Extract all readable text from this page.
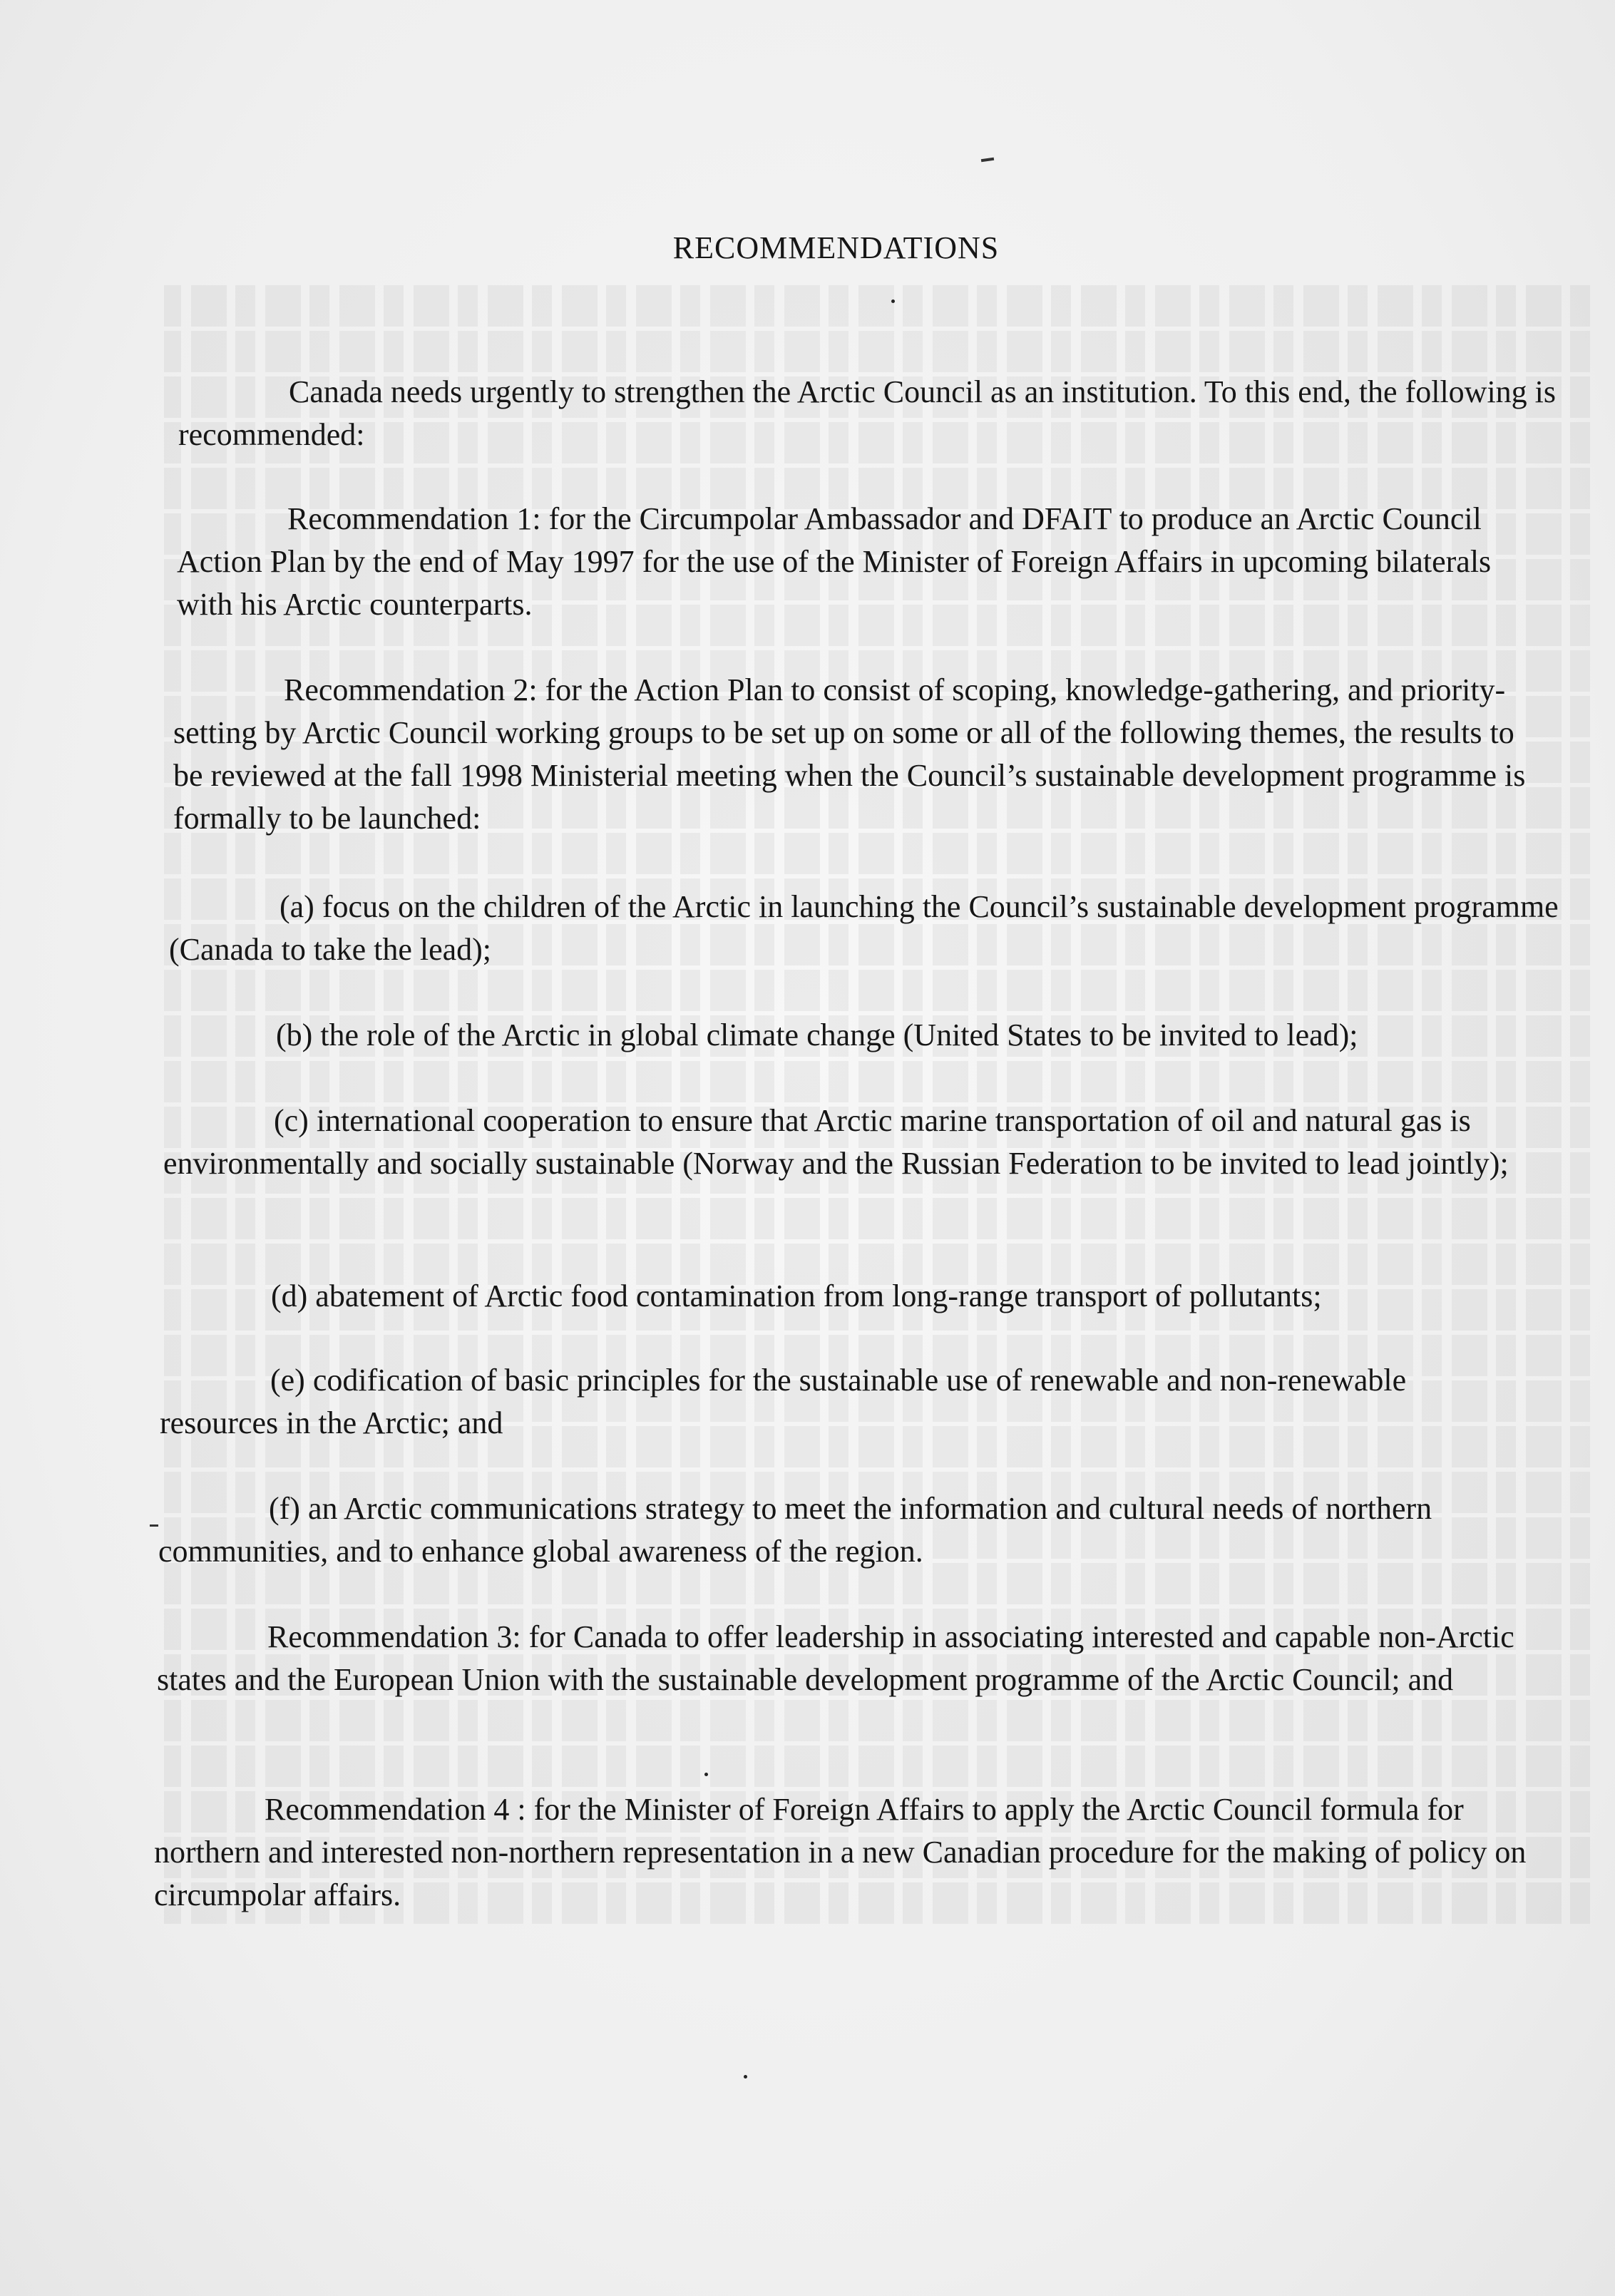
RECOMMENDATIONS

Canada needs urgently to strengthen the Arctic Council as an institution. To this end, the following is recommended:

Recommendation 1: for the Circumpolar Ambassador and DFAIT to produce an Arctic Council Action Plan by the end of May 1997 for the use of the Minister of Foreign Affairs in upcoming bilaterals with his Arctic counterparts.

Recommendation 2: for the Action Plan to consist of scoping, knowledge-gathering, and priority-setting by Arctic Council working groups to be set up on some or all of the following themes, the results to be reviewed at the fall 1998 Ministerial meeting when the Council’s sustainable development programme is formally to be launched:

(a) focus on the children of the Arctic in launching the Council’s sustainable development programme (Canada to take the lead);

(b) the role of the Arctic in global climate change (United States to be invited to lead);

(c) international cooperation to ensure that Arctic marine transportation of oil and natural gas is environmentally and socially sustainable (Norway and the Russian Federation to be invited to lead jointly);

(d) abatement of Arctic food contamination from long-range transport of pollutants;

(e) codification of basic principles for the sustainable use of renewable and non-renewable resources in the Arctic; and

(f) an Arctic communications strategy to meet the information and cultural needs of northern communities, and to enhance global awareness of the region.

Recommendation 3: for Canada to offer leadership in associating interested and capable non-Arctic states and the European Union with the sustainable development programme of the Arctic Council; and

Recommendation 4 : for the Minister of Foreign Affairs to apply the Arctic Council formula for northern and interested non-northern representation in a new Canadian procedure for the making of policy on circumpolar affairs.
